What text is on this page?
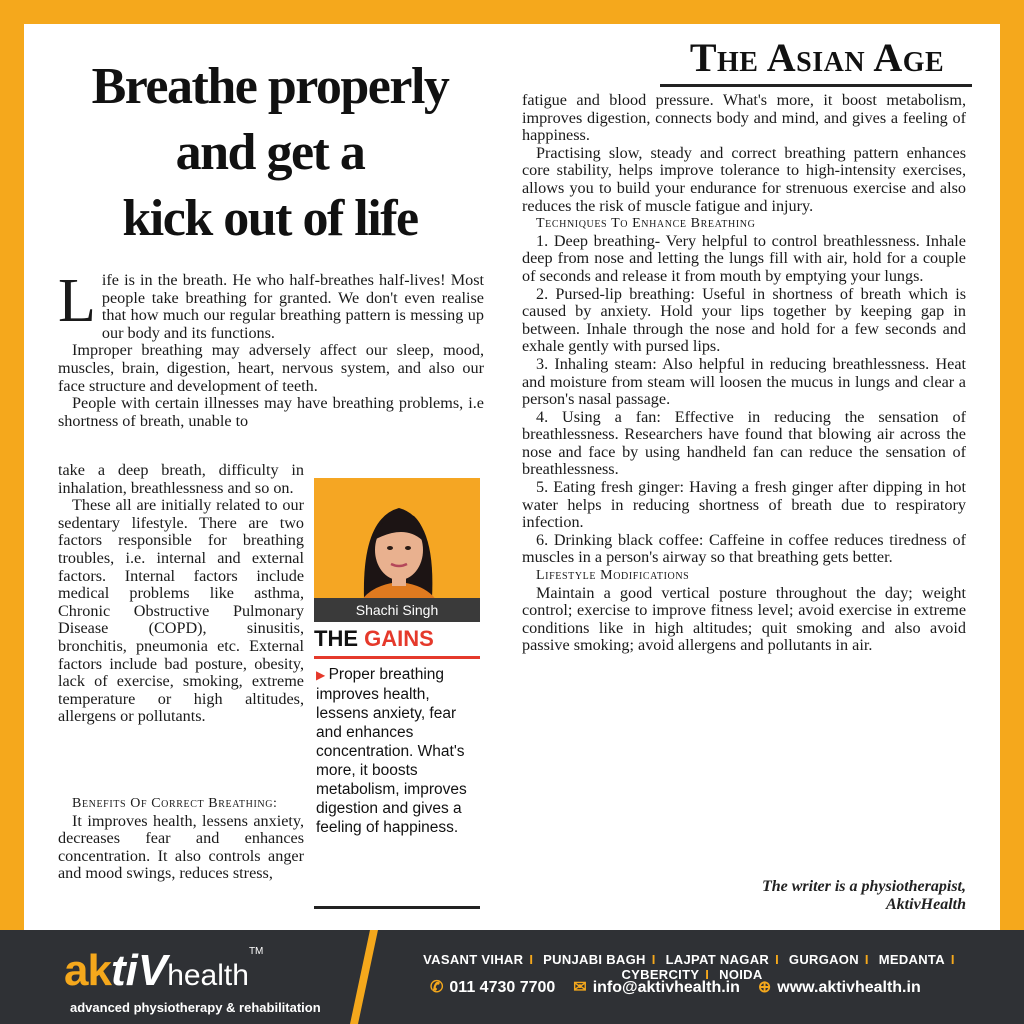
The Asian Age
Breathe properly
and get a
kick out of life

Life is in the breath. He who half-breathes half-lives! Most people take breathing for granted. We don't even realise that how much our regular breathing pattern is messing up our body and its functions.

Improper breathing may adversely affect our sleep, mood, muscles, brain, digestion, heart, nervous system, and also our face structure and development of teeth.

People with certain illnesses may have breathing problems, i.e shortness of breath, unable to

take a deep breath, difficulty in inhalation, breathlessness and so on.

These all are initially related to our sedentary lifestyle. There are two factors responsible for breathing troubles, i.e. internal and external factors. Internal factors include medical problems like asthma, Chronic Obstructive Pulmonary Disease (COPD), sinusitis, bronchitis, pneumonia etc. External factors include bad posture, obesity, lack of exercise, smoking, extreme temperature or high altitudes, allergens or pollutants.

Benefits Of Correct Breathing:

It improves health, lessens anxiety, decreases fear and enhances concentration. It also controls anger and mood swings, reduces stress,

Shachi Singh
THE GAINS
▶ Proper breathing improves health, lessens anxiety, fear and enhances concentration. What's more, it boosts metabolism, improves digestion and gives a feeling of happiness.

fatigue and blood pressure. What's more, it boost metabolism, improves digestion, connects body and mind, and gives a feeling of happiness.

Practising slow, steady and correct breathing pattern enhances core stability, helps improve tolerance to high-intensity exercises, allows you to build your endurance for strenuous exercise and also reduces the risk of muscle fatigue and injury.

Techniques To Enhance Breathing

1. Deep breathing- Very helpful to control breathlessness. Inhale deep from nose and letting the lungs fill with air, hold for a couple of seconds and release it from mouth by emptying your lungs.

2. Pursed-lip breathing: Useful in shortness of breath which is caused by anxiety. Hold your lips together by keeping gap in between. Inhale through the nose and hold for a few seconds and exhale gently with pursed lips.

3. Inhaling steam: Also helpful in reducing breathlessness. Heat and moisture from steam will loosen the mucus in lungs and clear a person's nasal passage.

4. Using a fan: Effective in reducing the sensation of breathlessness. Researchers have found that blowing air across the nose and face by using handheld fan can reduce the sensation of breathlessness.

5. Eating fresh ginger: Having a fresh ginger after dipping in hot water helps in reducing shortness of breath due to respiratory infection.

6. Drinking black coffee: Caffeine in coffee reduces tiredness of muscles in a person's airway so that breathing gets better.

Lifestyle Modifications

Maintain a good vertical posture throughout the day; weight control; exercise to improve fitness level; avoid exercise in extreme conditions like in high altitudes; quit smoking and also avoid passive smoking; avoid allergens and pollutants in air.

The writer is a physiotherapist,
AktivHealth
aktiVhealth™
advanced physiotherapy & rehabilitation
VASANT VIHAR I PUNJABI BAGH I LAJPAT NAGAR I GURGAON I MEDANTA I CYBERCITY I NOIDA
✆ 011 4730 7700 ✉ info@aktivhealth.in ⊕ www.aktivhealth.in
